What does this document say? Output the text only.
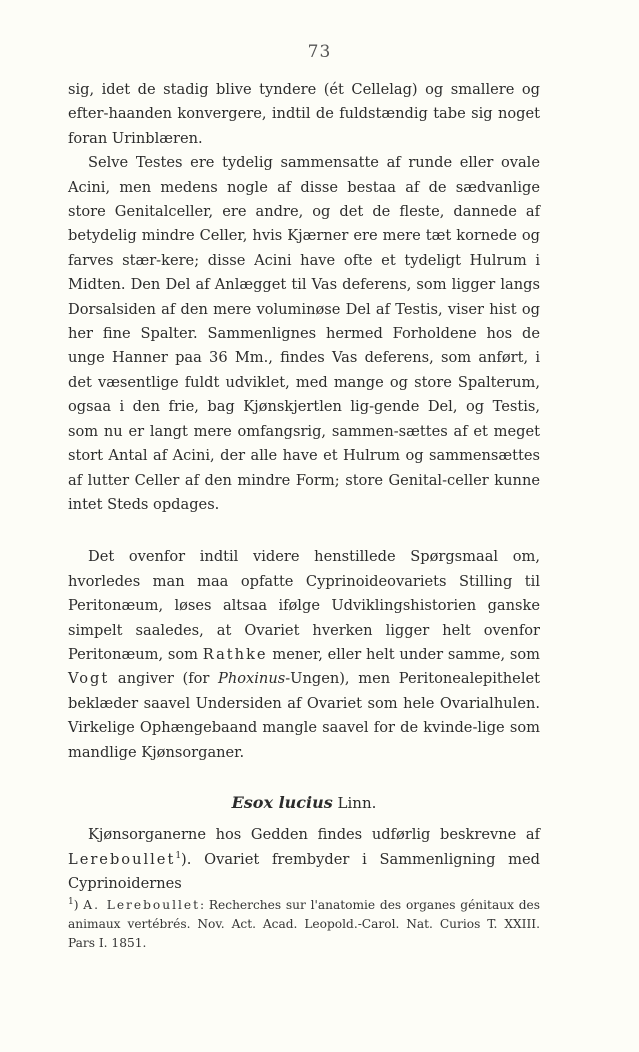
73

sig, idet de stadig blive tyndere (ét Cellelag) og smallere og efter-haanden konvergere, indtil de fuldstændig tabe sig noget foran Urinblæren.

Selve Testes ere tydelig sammensatte af runde eller ovale Acini, men medens nogle af disse bestaa af de sædvanlige store Genitalceller, ere andre, og det de fleste, dannede af betydelig mindre Celler, hvis Kjærner ere mere tæt kornede og farves stær-kere; disse Acini have ofte et tydeligt Hulrum i Midten. Den Del af Anlægget til Vas deferens, som ligger langs Dorsalsiden af den mere voluminøse Del af Testis, viser hist og her fine Spalter. Sammenlignes hermed Forholdene hos de unge Hanner paa 36 Mm., findes Vas deferens, som anført, i det væsentlige fuldt udviklet, med mange og store Spalterum, ogsaa i den frie, bag Kjønskjertlen lig-gende Del, og Testis, som nu er langt mere omfangsrig, sammen-sættes af et meget stort Antal af Acini, der alle have et Hulrum og sammensættes af lutter Celler af den mindre Form; store Genital-celler kunne intet Steds opdages.

Det ovenfor indtil videre henstillede Spørgsmaal om, hvorledes man maa opfatte Cyprinoideovariets Stilling til Peritonæum, løses altsaa ifølge Udviklingshistorien ganske simpelt saaledes, at Ovariet hverken ligger helt ovenfor Peritonæum, som Rathke mener, eller helt under samme, som Vogt angiver (for Phoxinus-Ungen), men Peritonealepithelet beklæder saavel Undersiden af Ovariet som hele Ovarialhulen. Virkelige Ophængebaand mangle saavel for de kvinde-lige som mandlige Kjønsorganer.

Esox lucius Linn.

Kjønsorganerne hos Gedden findes udførlig beskrevne af Lereboullet$^1$). Ovariet frembyder i Sammenligning med Cyprinoidernes

$^1$) A. Lereboullet: Recherches sur l'anatomie des organes génitaux des animaux vertébrés. Nov. Act. Acad. Leopold.-Carol. Nat. Curios T. XXIII. Pars I. 1851.
